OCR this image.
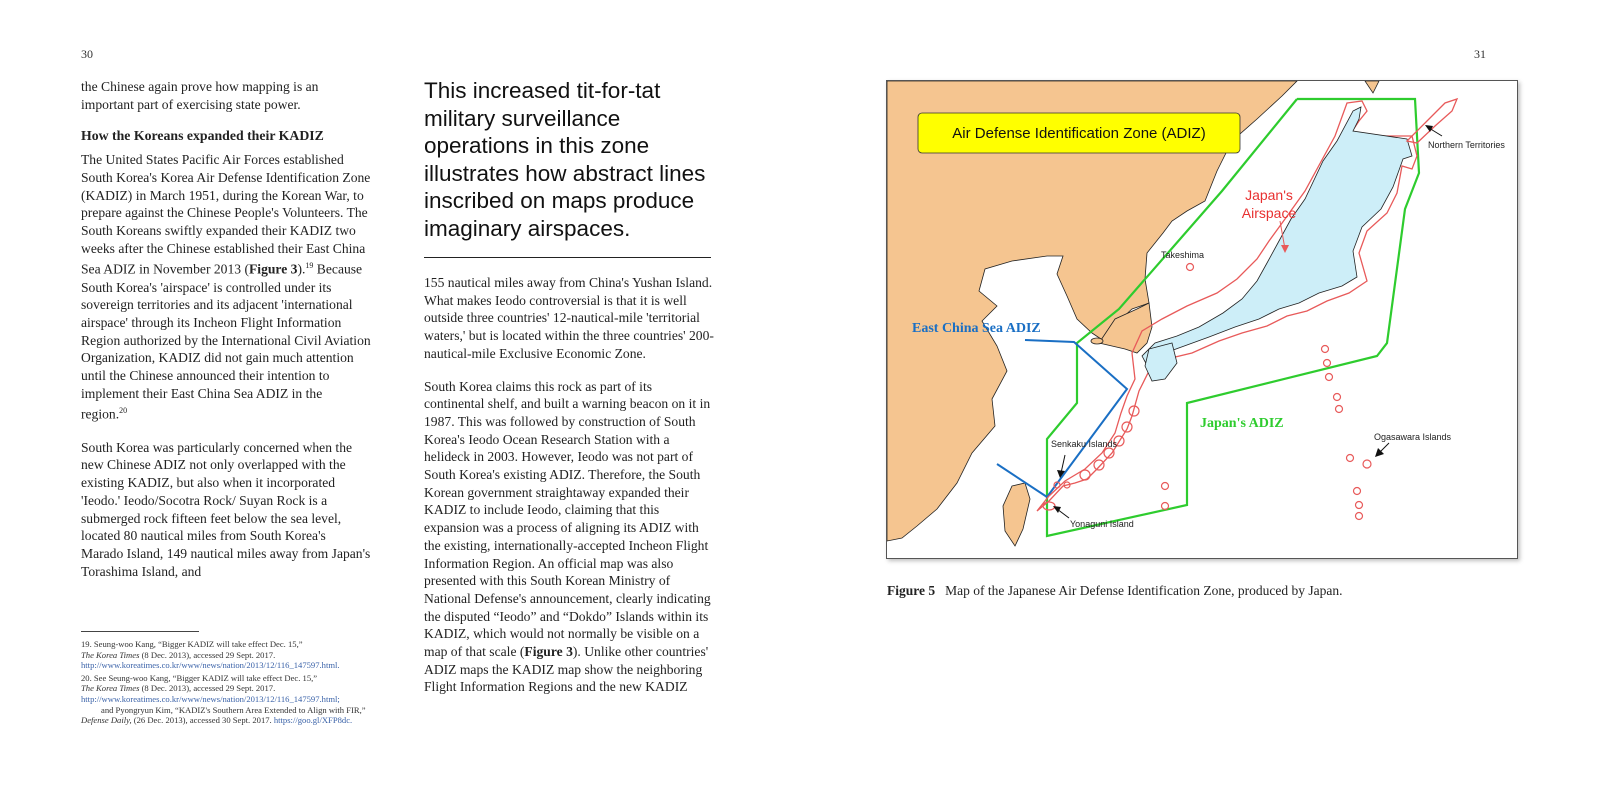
30

the Chinese again prove how mapping is an important part of exercising state power.

How the Koreans expanded their KADIZ

The United States Pacific Air Forces established South Korea's Korea Air Defense Identification Zone (KADIZ) in March 1951, during the Korean War, to prepare against the Chinese People's Volunteers. The South Koreans swiftly expanded their KADIZ two weeks after the Chinese established their East China Sea ADIZ in November 2013 (Figure 3).$^{19}$ Because South Korea's 'airspace' is controlled under its sovereign territories and its adjacent 'international airspace' through its Incheon Flight Information Region authorized by the International Civil Aviation Organization, KADIZ did not gain much attention until the Chinese announced their intention to implement their East China Sea ADIZ in the region.$^{20}$

South Korea was particularly concerned when the new Chinese ADIZ not only overlapped with the existing KADIZ, but also when it incorporated 'Ieodo.' Ieodo/Socotra Rock/ Suyan Rock is a submerged rock fifteen feet below the sea level, located 80 nautical miles from South Korea's Marado Island, 149 nautical miles away from Japan's Torashima Island, and

19. Seung-woo Kang, “Bigger KADIZ will take effect Dec. 15,”
The Korea Times (8 Dec. 2013), accessed 29 Sept. 2017. http://www.koreatimes.co.kr/www/news/nation/2013/12/116_147597.html.

20. See Seung-woo Kang, “Bigger KADIZ will take effect Dec. 15,”
The Korea Times (8 Dec. 2013), accessed 29 Sept. 2017. http://www.koreatimes.co.kr/www/news/nation/2013/12/116_147597.html;
and Pyongryun Kim, “KADIZ's Southern Area Extended to Align with FIR,” Defense Daily, (26 Dec. 2013), accessed 30 Sept. 2017. https://goo.gl/XFP8dc.

This increased tit-for-tat military surveillance operations in this zone illustrates how abstract lines inscribed on maps produce imaginary airspaces.

155 nautical miles away from China's Yushan Island. What makes Ieodo controversial is that it is well outside three countries' 12-nautical-mile 'territorial waters,' but is located within the three countries' 200-nautical-mile Exclusive Economic Zone.

South Korea claims this rock as part of its continental shelf, and built a warning beacon on it in 1987. This was followed by construction of South Korea's Ieodo Ocean Research Station with a helideck in 2003. However, Ieodo was not part of South Korea's existing ADIZ. Therefore, the South Korean government straightaway expanded their KADIZ to include Ieodo, claiming that this expansion was a process of aligning its ADIZ with the existing, internationally-accepted Incheon Flight Information Region. An official map was also presented with this South Korean Ministry of National Defense's announcement, clearly indicating the disputed “Ieodo” and “Dokdo” Islands within its KADIZ, which would not normally be visible on a map of that scale (Figure 3). Unlike other countries' ADIZ maps the KADIZ map show the neighboring Flight Information Regions and the new KADIZ

31
Air Defense Identification Zone (ADIZ)
Japan's
Airspace
East China Sea ADIZ
Japan's ADIZ
Northern Territories
Takeshima
Senkaku Islands
Yonaguni Island
Ogasawara Islands
Figure 5 Map of the Japanese Air Defense Identification Zone, produced by Japan.
